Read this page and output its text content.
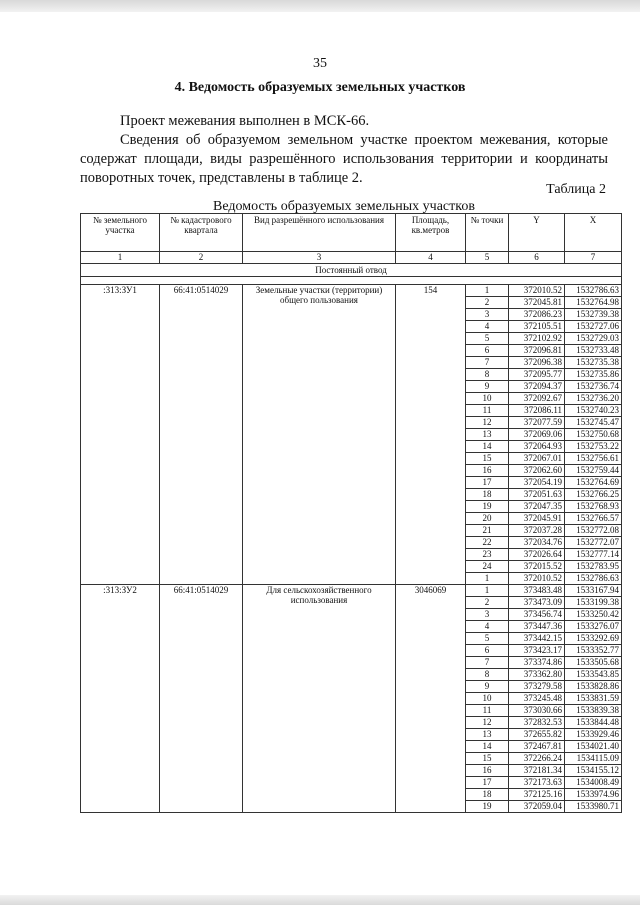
35
4. Ведомость образуемых земельных участков
Проект межевания выполнен в МСК-66.
Сведения об образуемом земельном участке проектом межевания, которые содержат площади, виды разрешённого использования территории и координаты поворотных точек, представлены в таблице 2.
Таблица 2
Ведомость образуемых земельных участков
№ земельного участка	№ кадастрового квартала	Вид разрешённого использования	Площадь, кв.метров	№ точки	Y	X
1	2	3	4	5	6	7
Постоянный отвод						

:313:ЗУ1	66:41:0514029	Земельные участки (территории) общего пользования	154	1	372010.52	1532786.63
				2	372045.81	1532764.98
				3	372086.23	1532739.38
				4	372105.51	1532727.06
				5	372102.92	1532729.03
				6	372096.81	1532733.48
				7	372096.38	1532735.38
				8	372095.77	1532735.86
				9	372094.37	1532736.74
				10	372092.67	1532736.20
				11	372086.11	1532740.23
				12	372077.59	1532745.47
				13	372069.06	1532750.68
				14	372064.93	1532753.22
				15	372067.01	1532756.61
				16	372062.60	1532759.44
				17	372054.19	1532764.69
				18	372051.63	1532766.25
				19	372047.35	1532768.93
				20	372045.91	1532766.57
				21	372037.28	1532772.08
				22	372034.76	1532772.07
				23	372026.64	1532777.14
				24	372015.52	1532783.95
				1	372010.52	1532786.63
:313:ЗУ2	66:41:0514029	Для сельскохозяйственного использования	3046069	1	373483.48	1533167.94
				2	373473.09	1533199.38
				3	373456.74	1533250.42
				4	373447.36	1533276.07
				5	373442.15	1533292.69
				6	373423.17	1533352.77
				7	373374.86	1533505.68
				8	373362.80	1533543.85
				9	373279.58	1533828.86
				10	373245.48	1533831.59
				11	373030.66	1533839.38
				12	372832.53	1533844.48
				13	372655.82	1533929.46
				14	372467.81	1534021.40
				15	372266.24	1534115.09
				16	372181.34	1534155.12
				17	372173.63	1534008.49
				18	372125.16	1533974.96
				19	372059.04	1533980.71
